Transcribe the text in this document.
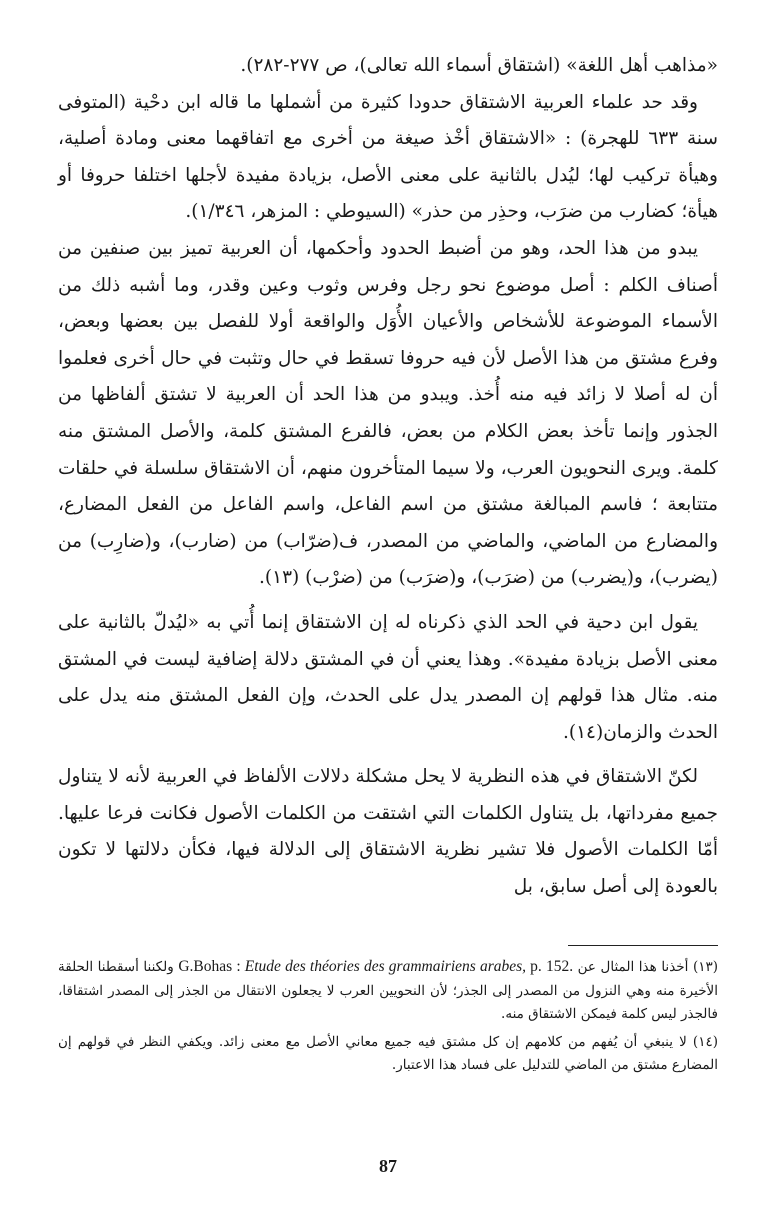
«مذاهب أهل اللغة» (اشتقاق أسماء الله تعالى)، ص ٢٧٧-٢٨٢).

وقد حد علماء العربية الاشتقاق حدودا كثيرة من أشملها ما قاله ابن دحْية (المتوفى سنة ٦٣٣ للهجرة) : «الاشتقاق أخْذ صيغة من أخرى مع اتفاقهما معنى ومادة أصلية، وهيأة تركيب لها؛ ليُدل بالثانية على معنى الأصل، بزيادة مفيدة لأجلها اختلفا حروفا أو هيأة؛ كضارب من ضرَب، وحذِر من حذر» (السيوطي : المزهر، ١/٣٤٦).

يبدو من هذا الحد، وهو من أضبط الحدود وأحكمها، أن العربية تميز بين صنفين من أصناف الكلم : أصل موضوع نحو رجل وفرس وثوب وعين وقدر، وما أشبه ذلك من الأسماء الموضوعة للأشخاص والأعيان الأُوَل والواقعة أولا للفصل بين بعضها وبعض، وفرع مشتق من هذا الأصل لأن فيه حروفا تسقط في حال وتثبت في حال أخرى فعلموا أن له أصلا لا زائد فيه منه أُخذ. ويبدو من هذا الحد أن العربية لا تشتق ألفاظها من الجذور وإنما تأخذ بعض الكلام من بعض، فالفرع المشتق كلمة، والأصل المشتق منه كلمة. ويرى النحويون العرب، ولا سيما المتأخرون منهم، أن الاشتقاق سلسلة في حلقات متتابعة ؛ فاسم المبالغة مشتق من اسم الفاعل، واسم الفاعل من الفعل المضارع، والمضارع من الماضي، والماضي من المصدر، ف(ضرّاب) من (ضارب)، و(ضارِب) من (يضرب)، و(يضرب) من (ضرَب)، و(ضرَب) من (ضرْب) (١٣).

يقول ابن دحية في الحد الذي ذكرناه له إن الاشتقاق إنما أُتي به «ليُدلّ بالثانية على معنى الأصل بزيادة مفيدة». وهذا يعني أن في المشتق دلالة إضافية ليست في المشتق منه. مثال هذا قولهم إن المصدر يدل على الحدث، وإن الفعل المشتق منه يدل على الحدث والزمان(١٤).

لكنّ الاشتقاق في هذه النظرية لا يحل مشكلة دلالات الألفاظ في العربية لأنه لا يتناول جميع مفرداتها، بل يتناول الكلمات التي اشتقت من الكلمات الأصول فكانت فرعا عليها. أمّا الكلمات الأصول فلا تشير نظرية الاشتقاق إلى الدلالة فيها، فكأن دلالتها لا تكون بالعودة إلى أصل سابق، بل

(١٣) أخذنا هذا المثال عن G.Bohas : Etude des théories des grammairiens arabes, p. 152. ولكننا أسقطنا الحلقة الأخيرة منه وهي النزول من المصدر إلى الجذر؛ لأن النحويين العرب لا يجعلون الانتقال من الجذر إلى المصدر اشتقاقا، فالجذر ليس كلمة فيمكن الاشتقاق منه.

(١٤) لا ينبغي أن يُفهم من كلامهم إن كل مشتق فيه جميع معاني الأصل مع معنى زائد. ويكفي النظر في قولهم إن المضارع مشتق من الماضي للتدليل على فساد هذا الاعتبار.

87
